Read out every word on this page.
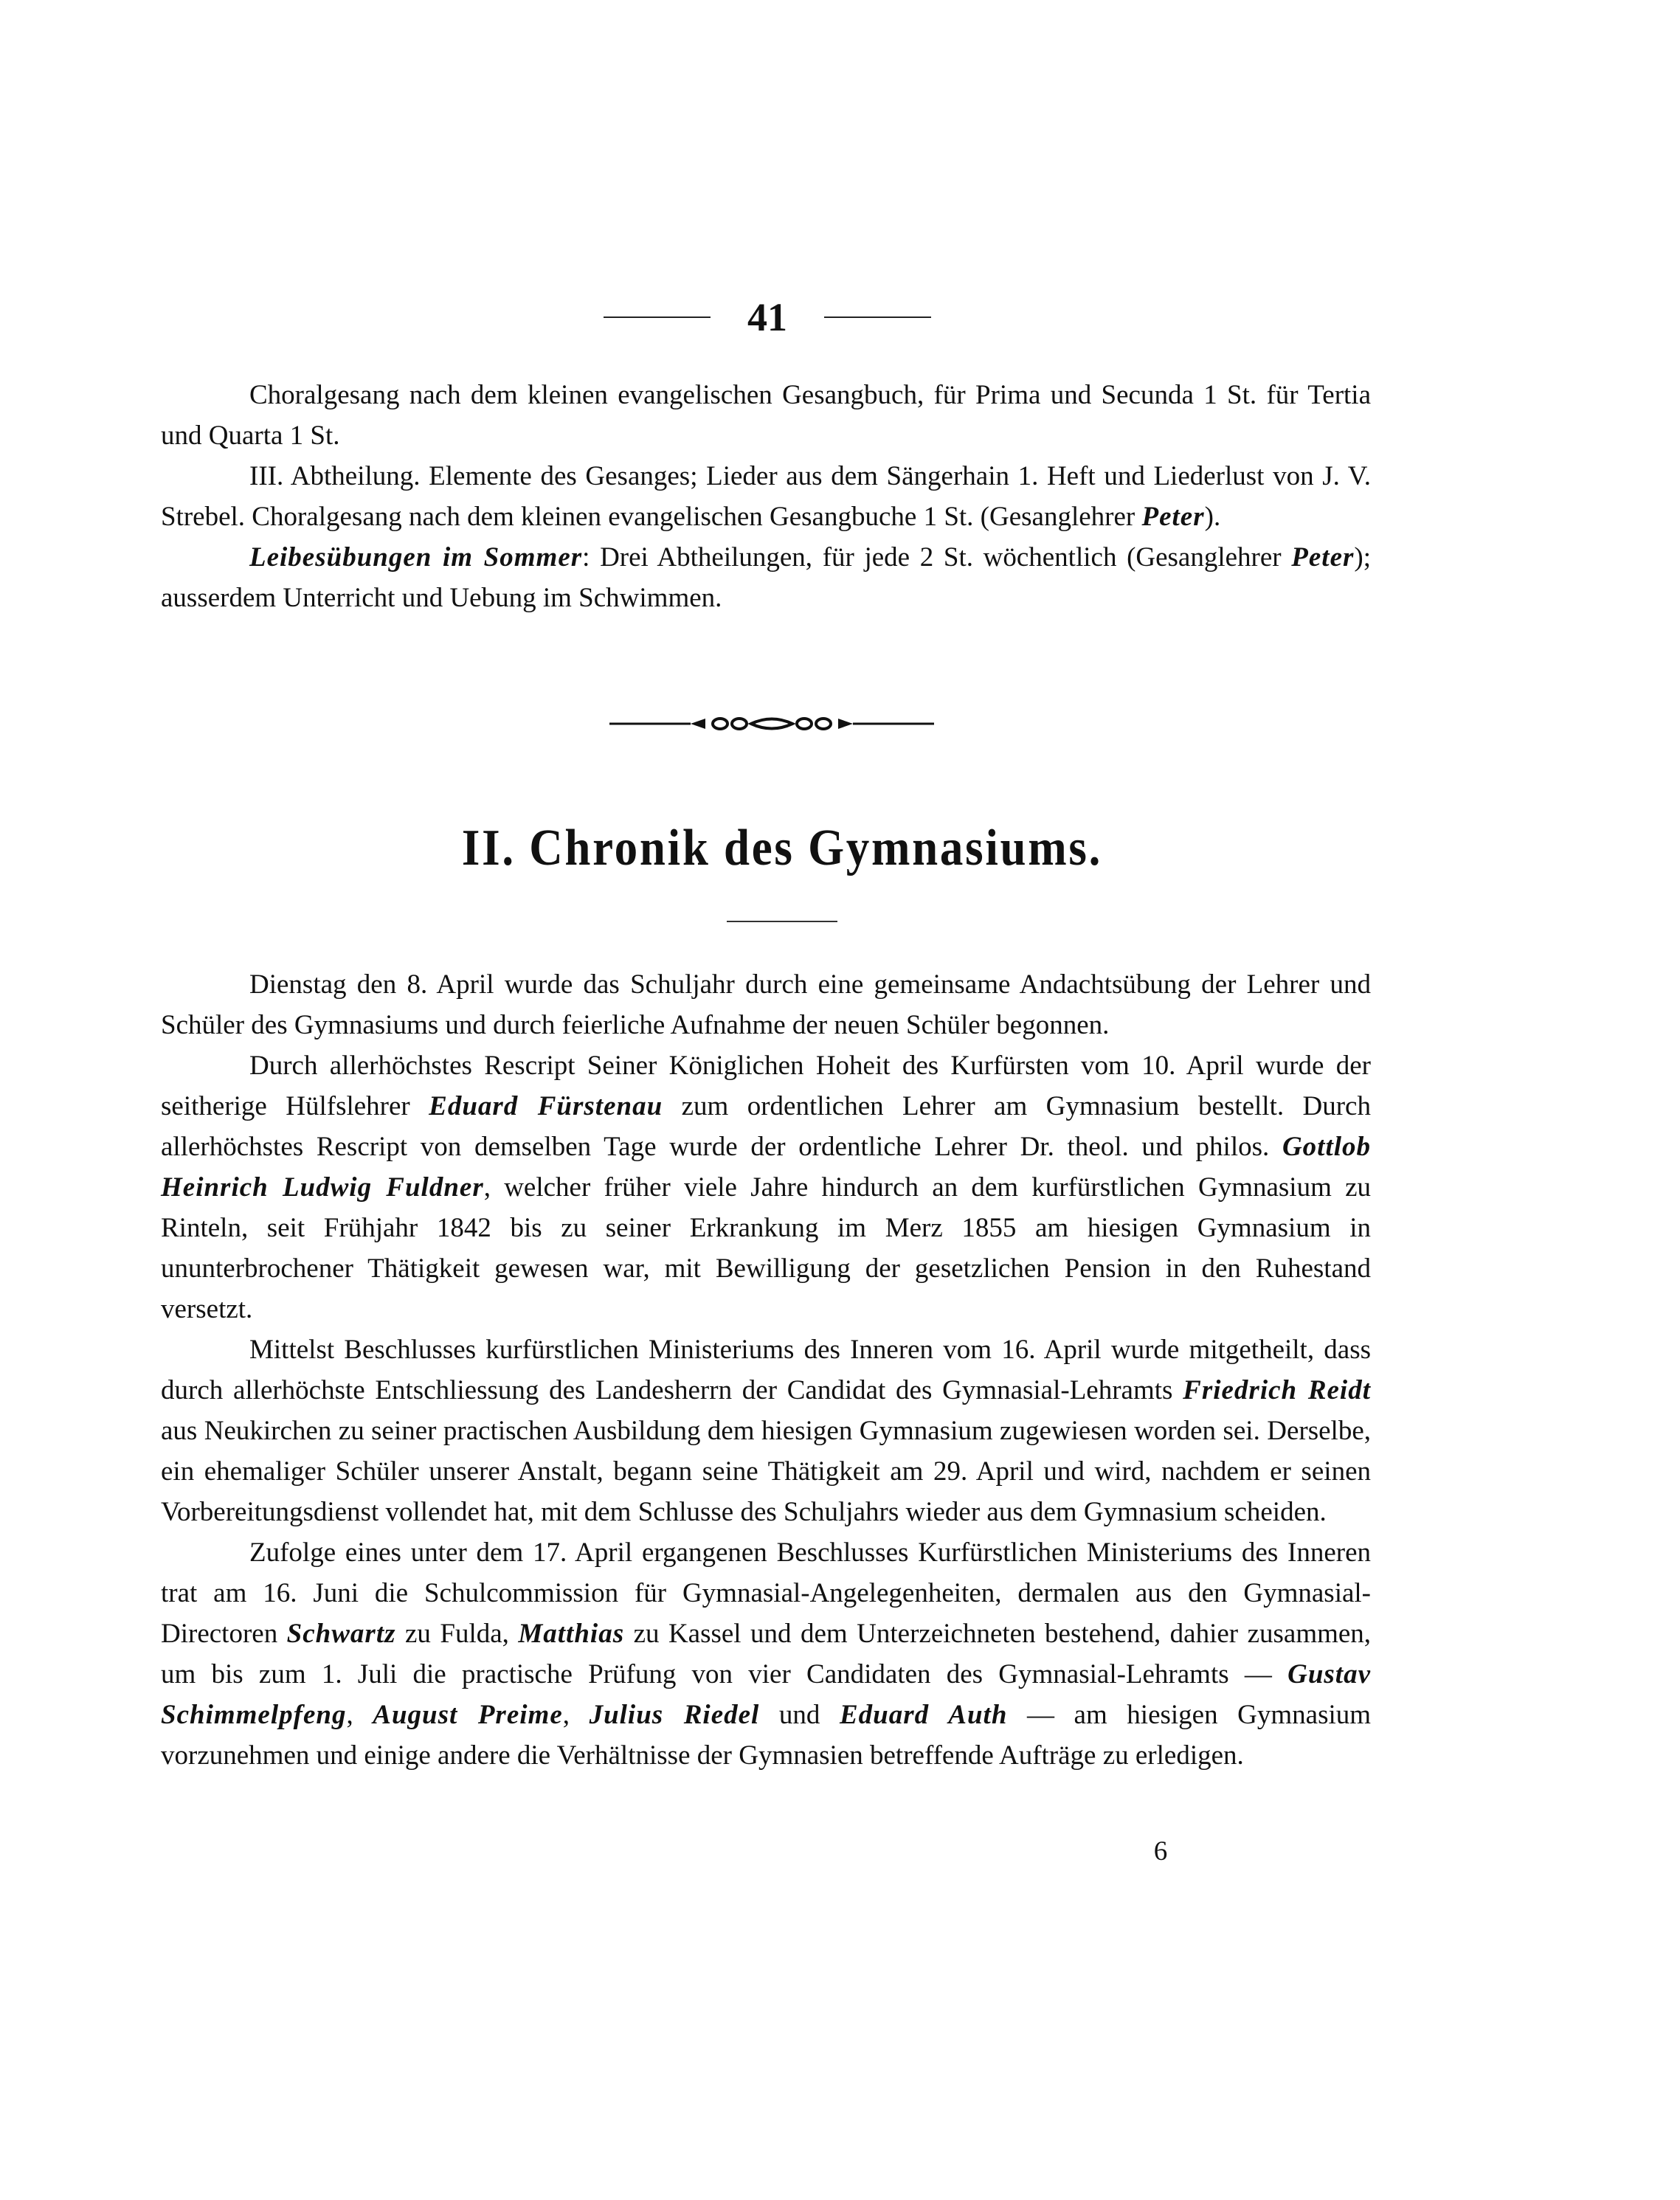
41

Choralgesang nach dem kleinen evangelischen Gesangbuch, für Prima und Secunda 1 St. für Tertia und Quarta 1 St.

III. Abtheilung. Elemente des Gesanges; Lieder aus dem Sängerhain 1. Heft und Liederlust von J. V. Strebel. Choralgesang nach dem kleinen evangelischen Gesangbuche 1 St. (Gesanglehrer Peter).

Leibesübungen im Sommer: Drei Abtheilungen, für jede 2 St. wöchentlich (Gesanglehrer Peter); ausserdem Unterricht und Uebung im Schwimmen.

II. Chronik des Gymnasiums.

Dienstag den 8. April wurde das Schuljahr durch eine gemeinsame Andachtsübung der Lehrer und Schüler des Gymnasiums und durch feierliche Aufnahme der neuen Schüler begonnen.

Durch allerhöchstes Rescript Seiner Königlichen Hoheit des Kurfürsten vom 10. April wurde der seitherige Hülfslehrer Eduard Fürstenau zum ordentlichen Lehrer am Gymnasium bestellt. Durch allerhöchstes Rescript von demselben Tage wurde der ordentliche Lehrer Dr. theol. und philos. Gottlob Heinrich Ludwig Fuldner, welcher früher viele Jahre hindurch an dem kurfürstlichen Gymnasium zu Rinteln, seit Frühjahr 1842 bis zu seiner Erkrankung im Merz 1855 am hiesigen Gymnasium in ununterbrochener Thätigkeit gewesen war, mit Bewilligung der gesetzlichen Pension in den Ruhestand versetzt.

Mittelst Beschlusses kurfürstlichen Ministeriums des Inneren vom 16. April wurde mitgetheilt, dass durch allerhöchste Entschliessung des Landesherrn der Candidat des Gymnasial-Lehramts Friedrich Reidt aus Neukirchen zu seiner practischen Ausbildung dem hiesigen Gymnasium zugewiesen worden sei. Derselbe, ein ehemaliger Schüler unserer Anstalt, begann seine Thätigkeit am 29. April und wird, nachdem er seinen Vorbereitungsdienst vollendet hat, mit dem Schlusse des Schuljahrs wieder aus dem Gymnasium scheiden.

Zufolge eines unter dem 17. April ergangenen Beschlusses Kurfürstlichen Ministeriums des Inneren trat am 16. Juni die Schulcommission für Gymnasial-Angelegenheiten, dermalen aus den Gymnasial-Directoren Schwartz zu Fulda, Matthias zu Kassel und dem Unterzeichneten bestehend, dahier zusammen, um bis zum 1. Juli die practische Prüfung von vier Candidaten des Gymnasial-Lehramts — Gustav Schimmelpfeng, August Preime, Julius Riedel und Eduard Auth — am hiesigen Gymnasium vorzunehmen und einige andere die Verhältnisse der Gymnasien betreffende Aufträge zu erledigen.

6
